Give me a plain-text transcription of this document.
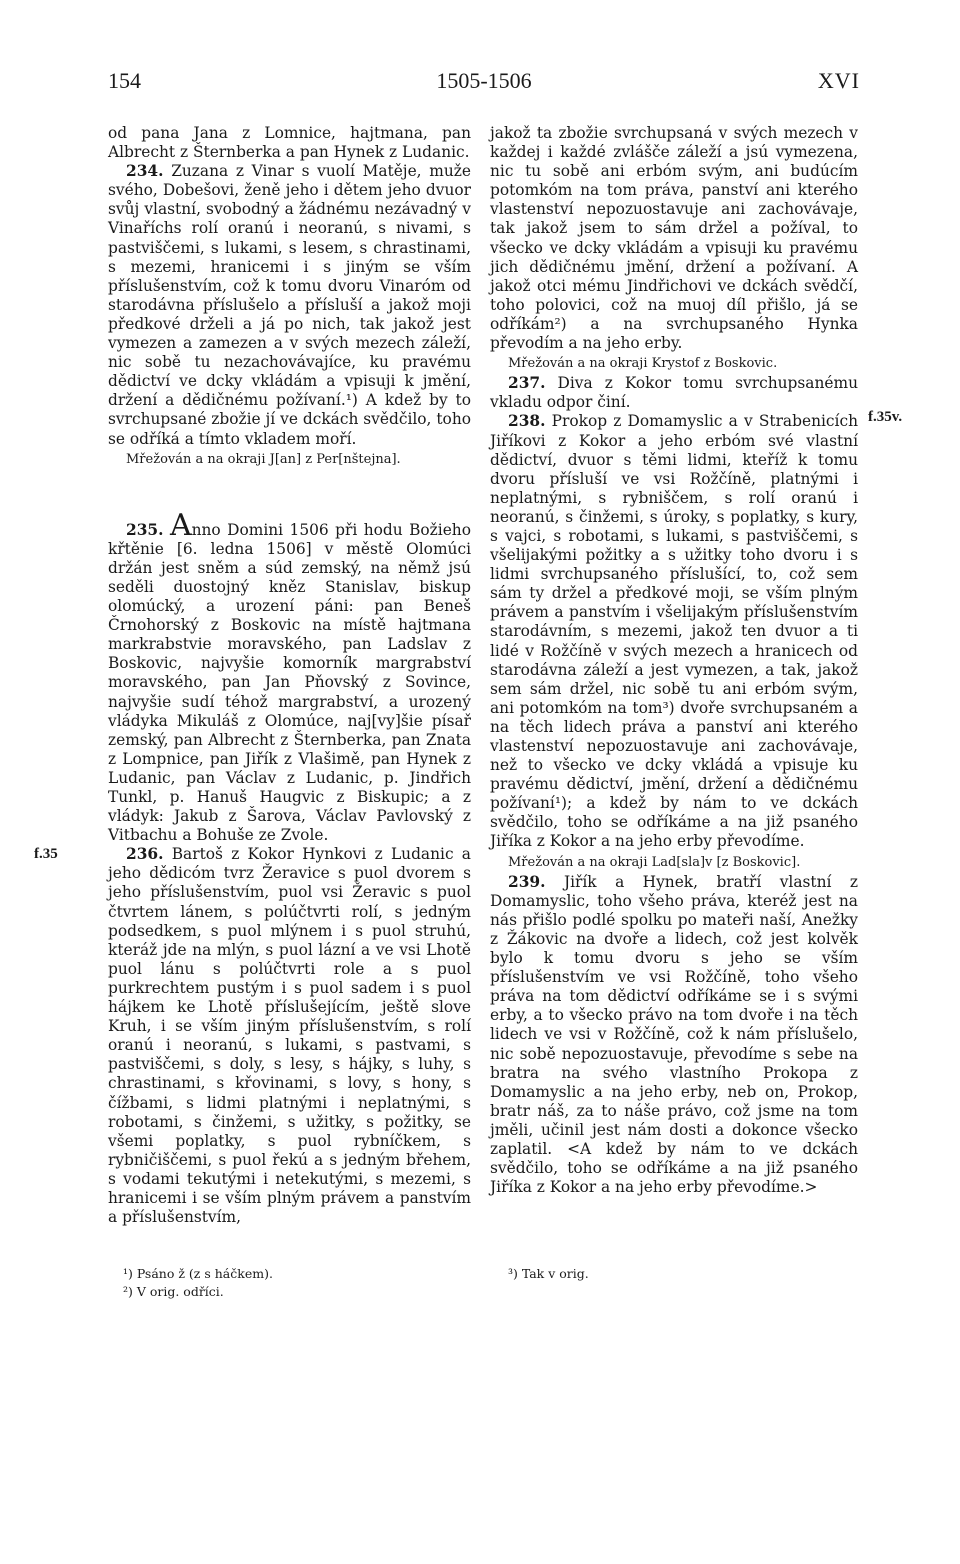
154	1505-1506	XVI
f.35
f.35v.

od pana Jana z Lomnice, hajtmana, pan Albrecht z Šternberka a pan Hynek z Ludanic.

234. Zuzana z Vinar s vuolí Matěje, muže svého, Dobešovi, ženě jeho i dětem jeho dvuor svůj vlastní, svobodný a žádnému nezávadný v Vinaříchs rolí oranú i neoranú, s nivami, s pastviščemi, s lukami, s lesem, s chrastinami, s mezemi, hranicemi i s jiným se vším příslušenstvím, což k tomu dvoru Vinaróm od starodávna příslušelo a přísluší a jakož moji předkové drželi a já po nich, tak jakož jest vymezen a zamezen a v svých mezech záleží, nic sobě tu nezachovávajíce, ku pravému dědictví ve dcky vkládám a vpisuji k jmění, držení a dědičnému požívaní.¹) A kdež by to svrchupsané zbožie jí ve dckách svědčilo, toho se odříká a tímto vkladem moří.

Mřežován a na okraji J[an] z Per[nštejna].

235. Anno Domini 1506 při hodu Božieho křtěnie [6. ledna 1506] v městě Olomúci držán jest sněm a súd zemský, na němž jsú seděli duostojný kněz Stanislav, biskup olomúcký, a urození páni: pan Beneš Črnohorský z Boskovic na místě hajtmana markrabstvie moravského, pan Ladslav z Boskovic, najvyšie komorník margrabství moravského, pan Jan Pňovský z Sovince, najvyšie sudí téhož margrabství, a urozený vládyka Mikuláš z Olomúce, naj[vy]šie písař zemský, pan Albrecht z Šternberka, pan Znata z Lompnice, pan Jiřík z Vlašimě, pan Hynek z Ludanic, pan Václav z Ludanic, p. Jindřich Tunkl, p. Hanuš Haugvic z Biskupic; a z vládyk: Jakub z Šarova, Václav Pavlovský z Vitbachu a Bohuše ze Zvole.

236. Bartoš z Kokor Hynkovi z Ludanic a jeho dědicóm tvrz Žeravice s puol dvorem s jeho příslušenstvím, puol vsi Žeravic s puol čtvrtem lánem, s polúčtvrti rolí, s jedným podsedkem, s puol mlýnem i s puol struhú, kteráž jde na mlýn, s puol lázní a ve vsi Lhotě puol lánu s polúčtvrti role a s puol purkrechtem pustým i s puol sadem i s puol hájkem ke Lhotě příslušejícím, ještě slove Kruh, i se vším jiným příslušenstvím, s rolí oranú i neoranú, s lukami, s pastvami, s pastviščemi, s doly, s lesy, s hájky, s luhy, s chrastinami, s křovinami, s lovy, s hony, s čížbami, s lidmi platnými i neplatnými, s robotami, s činžemi, s užitky, s požitky, se všemi poplatky, s puol rybníčkem, s rybničiščemi, s puol řekú a s jedným břehem, s vodami tekutými i netekutými, s mezemi, s hranicemi i se vším plným právem a panstvím a příslušenstvím,

jakož ta zbožie svrchupsaná v svých mezech v každej i každé zvlášče záleží a jsú vymezena, nic tu sobě ani erbóm svým, ani budúcím potomkóm na tom práva, panství ani kterého vlastenství nepozuostavuje ani zachovávaje, tak jakož jsem to sám držel a požíval, to všecko ve dcky vkládám a vpisuji ku pravému jich dědičnému jmění, držení a požívaní. A jakož otci mému Jindřichovi ve dckách svědčí, toho polovici, což na muoj díl přišlo, já se odříkám²) a na svrchupsaného Hynka převodím a na jeho erby.

Mřežován a na okraji Krystof z Boskovic.

237. Diva z Kokor tomu svrchupsanému vkladu odpor činí.

238. Prokop z Domamyslic a v Strabenicích Jiříkovi z Kokor a jeho erbóm své vlastní dědictví, dvuor s těmi lidmi, kteříž k tomu dvoru přísluší ve vsi Rožčíně, platnými i neplatnými, s rybniščem, s rolí oranú i neoranú, s činžemi, s úroky, s poplatky, s kury, s vajci, s robotami, s lukami, s pastviščemi, s všelijakými požitky a s užitky toho dvoru i s lidmi svrchupsaného příslušící, to, což sem sám ty držel a předkové moji, se vším plným právem a panstvím i všelijakým příslušenstvím starodávním, s mezemi, jakož ten dvuor a ti lidé v Rožčíně v svých mezech a hranicech od starodávna záleží a jest vymezen, a tak, jakož sem sám držel, nic sobě tu ani erbóm svým, ani potomkóm na tom³) dvoře svrchupsaném a na těch lidech práva a panství ani kterého vlastenství nepozuostavuje ani zachovávaje, než to všecko ve dcky vkládá a vpisuje ku pravému dědictví, jmění, držení a dědičnému požívaní¹); a kdež by nám to ve dckách svědčilo, toho se odříkáme a na již psaného Jiříka z Kokor a na jeho erby převodíme.

Mřežován a na okraji Lad[sla]v [z Boskovic].

239. Jiřík a Hynek, bratří vlastní z Domamyslic, toho všeho práva, kteréž jest na nás přišlo podlé spolku po mateři naší, Anežky z Žákovic na dvoře a lidech, což jest kolvěk bylo k tomu dvoru s jeho se vším příslušenstvím ve vsi Rožčíně, toho všeho práva na tom dědictví odříkáme se i s svými erby, a to všecko právo na tom dvoře i na těch lidech ve vsi v Rožčíně, což k nám příslušelo, nic sobě nepozuostavuje, převodíme s sebe na bratra na svého vlastního Prokopa z Domamyslic a na jeho erby, neb on, Prokop, bratr náš, za to náše právo, což jsme na tom jměli, učinil jest nám dosti a dokonce všecko zaplatil. <A kdež by nám to ve dckách svědčilo, toho se odříkáme a na již psaného Jiříka z Kokor a na jeho erby převodíme.>

¹) Psáno ž (z s háčkem).
²) V orig. odříci.
³) Tak v orig.
